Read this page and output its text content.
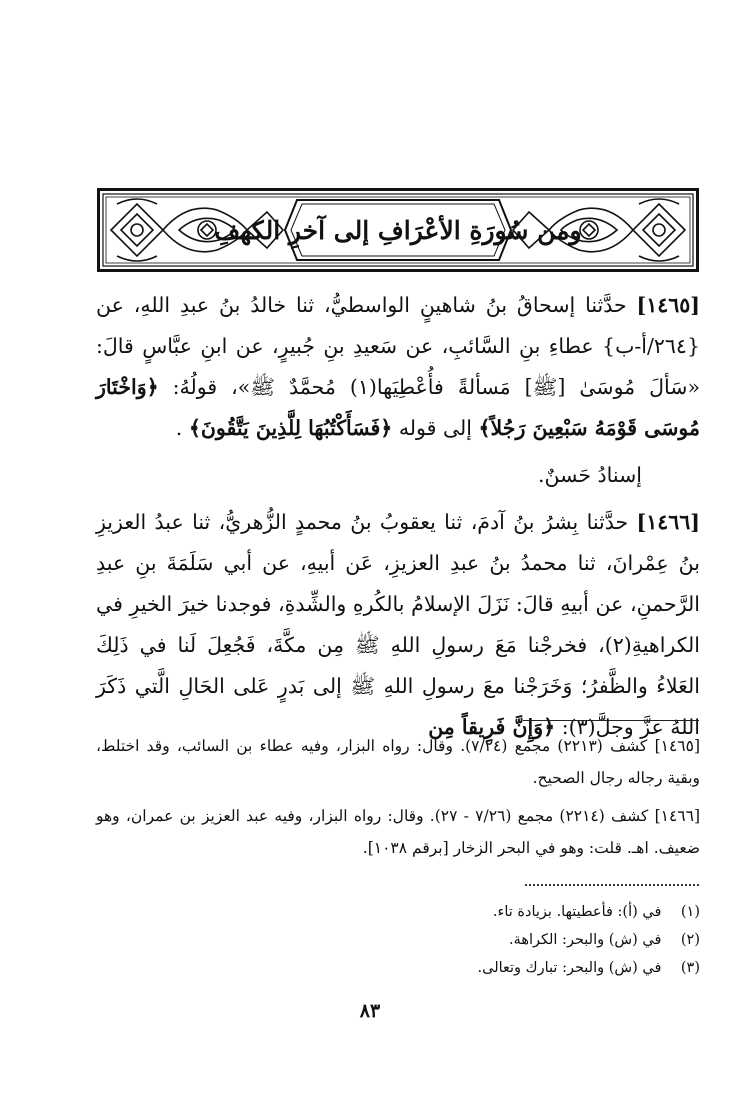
ومن سُورَةِ الأعْرَافِ إلى آخرِ الكهفِ

[١٤٦٥] حدَّثنا إسحاقُ بنُ شاهينٍ الواسطيُّ، ثنا خالدُ بنُ عبدِ اللهِ، عن {٢٦٤/أ-ب} عطاءِ بنِ السَّائبِ، عن سَعيدِ بنِ جُبيرٍ، عن ابنِ عبَّاسٍ قالَ: «سَألَ مُوسَىٰ [ﷺ] مَسألةً فأُعْطِيَها(١) مُحمَّدٌ ﷺ»، قولُهُ: ﴿وَاخْتَارَ مُوسَى قَوْمَهُ سَبْعِينَ رَجُلاً﴾ إلى قوله ﴿فَسَأَكْتُبُهَا لِلَّذِينَ يَتَّقُونَ﴾ .

إسنادُ حَسنٌ.

[١٤٦٦] حدَّثنا بِشرُ بنُ آدمَ، ثنا يعقوبُ بنُ محمدٍ الزُّهريُّ، ثنا عبدُ العزيزِ بنُ عِمْرانَ، ثنا محمدُ بنُ عبدِ العزيزِ، عَن أبيهِ، عن أبي سَلَمَةَ بنِ عبدِ الرَّحمنِ، عن أبيهِ قالَ: نَزَلَ الإسلامُ بالكُرهِ والشِّدةِ، فوجدنا خيرَ الخيرِ في الكراهيةِ(٢)، فخرجْنا مَعَ رسولِ اللهِ ﷺ مِن مكَّةَ، فَجُعِلَ لَنا في ذَلِكَ العَلاءُ والظَّفرُ؛ وَخَرَجْنا معَ رسولِ اللهِ ﷺ إلى بَدرٍ عَلى الحَالِ الَّتي ذَكَرَ اللهُ عزَّ وجلَّ(٣): ﴿وَإِنَّ فَرِيقاً مِن

[١٤٦٥] كشف (٢٢١٣) مجمع (٧/٢٤). وقال: رواه البزار، وفيه عطاء بن السائب، وقد اختلط، وبقية رجاله رجال الصحيح.

[١٤٦٦] كشف (٢٢١٤) مجمع (٧/٢٦ - ٢٧). وقال: رواه البزار، وفيه عبد العزيز بن عمران، وهو ضعيف. اهـ. قلت: وهو في البحر الزخار [برقم ١٠٣٨].

(١) في (أ): فأعطيتها. بزيادة تاء.

(٢) في (ش) والبحر: الكراهة.

(٣) في (ش) والبحر: تبارك وتعالى.

٨٣
